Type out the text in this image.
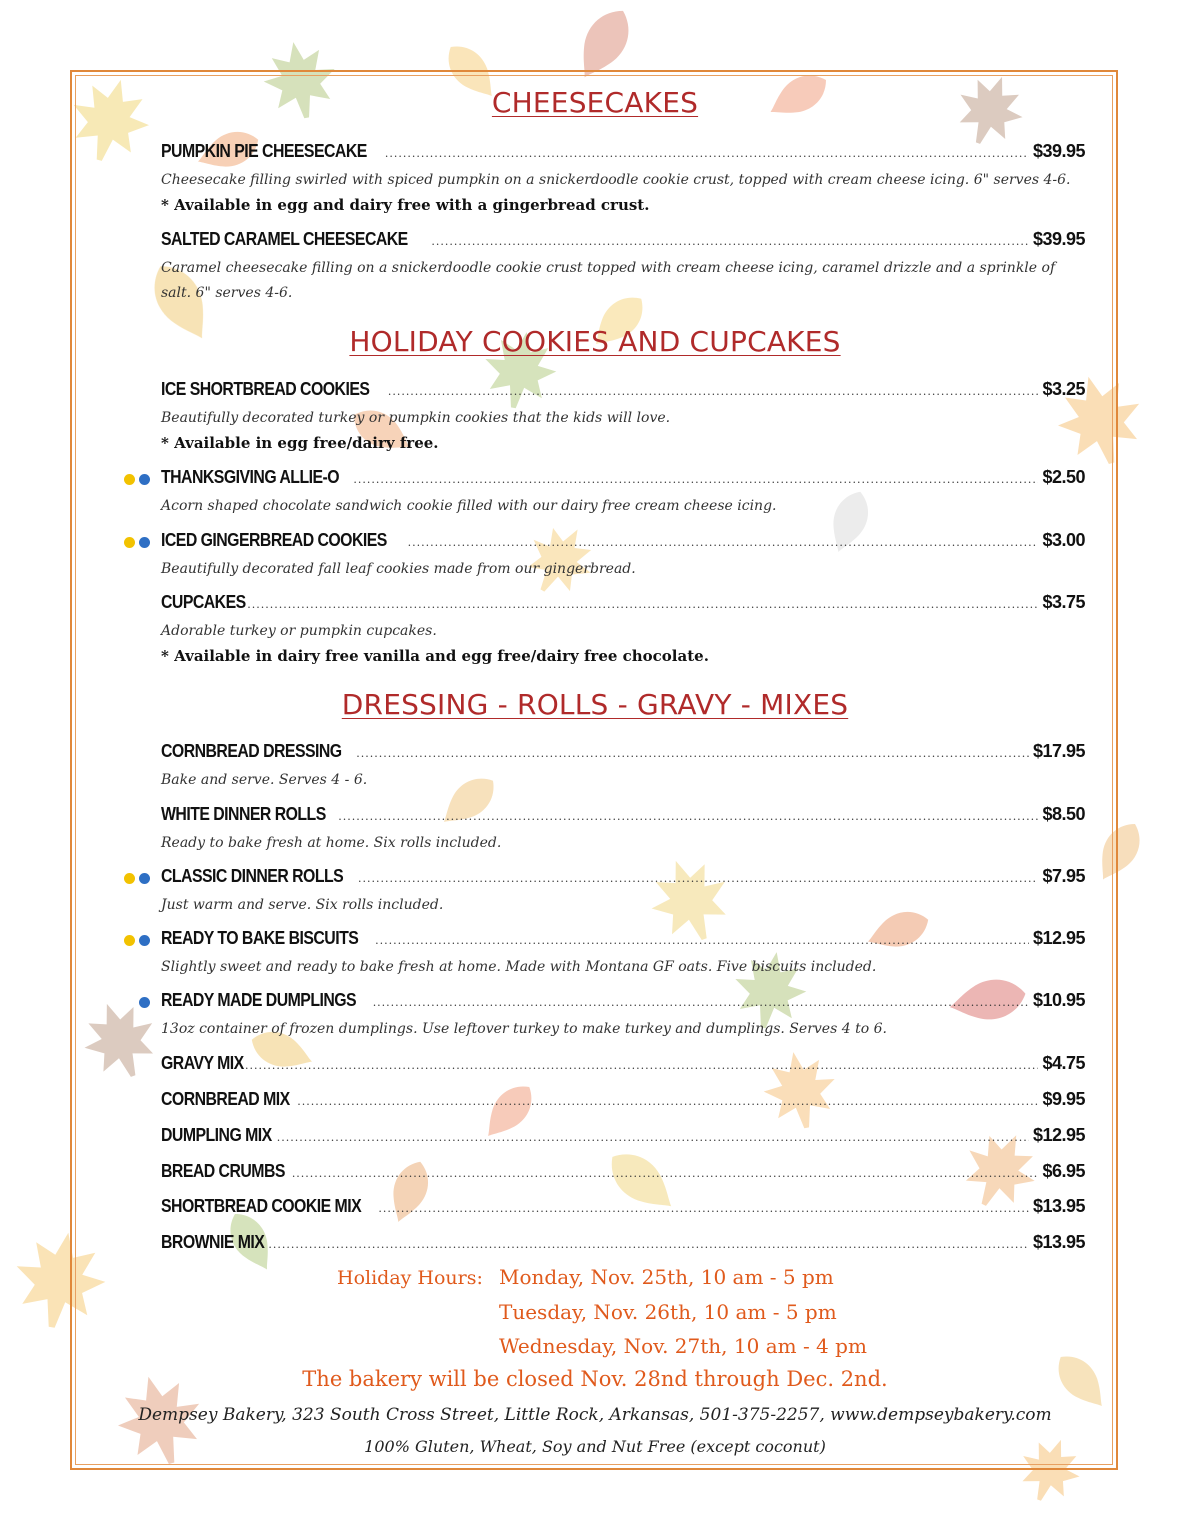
CHEESECAKES
PUMPKIN PIE CHEESECAKE .....	$39.95
Cheesecake filling swirled with spiced pumpkin on a snickerdoodle cookie crust, topped with cream cheese icing. 6" serves 4-6.
* Available in egg and dairy free with a gingerbread crust.
SALTED CARAMEL CHEESECAKE .....	$39.95
Caramel cheesecake filling on a snickerdoodle cookie crust topped with cream cheese icing, caramel drizzle and a sprinkle of
salt. 6" serves 4-6.
HOLIDAY COOKIES AND CUPCAKES
ICE SHORTBREAD COOKIES .....	$3.25
Beautifully decorated turkey or pumpkin cookies that the kids will love.
* Available in egg free/dairy free.
THANKSGIVING ALLIE-O .....	$2.50
Acorn shaped chocolate sandwich cookie filled with our dairy free cream cheese icing.
ICED GINGERBREAD COOKIES .....	$3.00
Beautifully decorated fall leaf cookies made from our gingerbread.
CUPCAKES .....	$3.75
Adorable turkey or pumpkin cupcakes.
* Available in dairy free vanilla and egg free/dairy free chocolate.
DRESSING - ROLLS - GRAVY - MIXES
CORNBREAD DRESSING .....	$17.95
Bake and serve. Serves 4 - 6.
WHITE DINNER ROLLS .....	$8.50
Ready to bake fresh at home. Six rolls included.
CLASSIC DINNER ROLLS .....	$7.95
Just warm and serve. Six rolls included.
READY TO BAKE BISCUITS .....	$12.95
Slightly sweet and ready to bake fresh at home. Made with Montana GF oats. Five biscuits included.
READY MADE DUMPLINGS .....	$10.95
13oz container of frozen dumplings. Use leftover turkey to make turkey and dumplings. Serves 4 to 6.
GRAVY MIX .....	$4.75
CORNBREAD MIX .....	$9.95
DUMPLING MIX .....	$12.95
BREAD CRUMBS .....	$6.95
SHORTBREAD COOKIE MIX .....	$13.95
BROWNIE MIX .....	$13.95
Holiday Hours: Monday, Nov. 25th, 10 am - 5 pm
Tuesday, Nov. 26th, 10 am - 5 pm
Wednesday, Nov. 27th, 10 am - 4 pm
The bakery will be closed Nov. 28nd through Dec. 2nd.
Dempsey Bakery, 323 South Cross Street, Little Rock, Arkansas, 501-375-2257, www.dempseybakery.com
100% Gluten, Wheat, Soy and Nut Free (except coconut)
